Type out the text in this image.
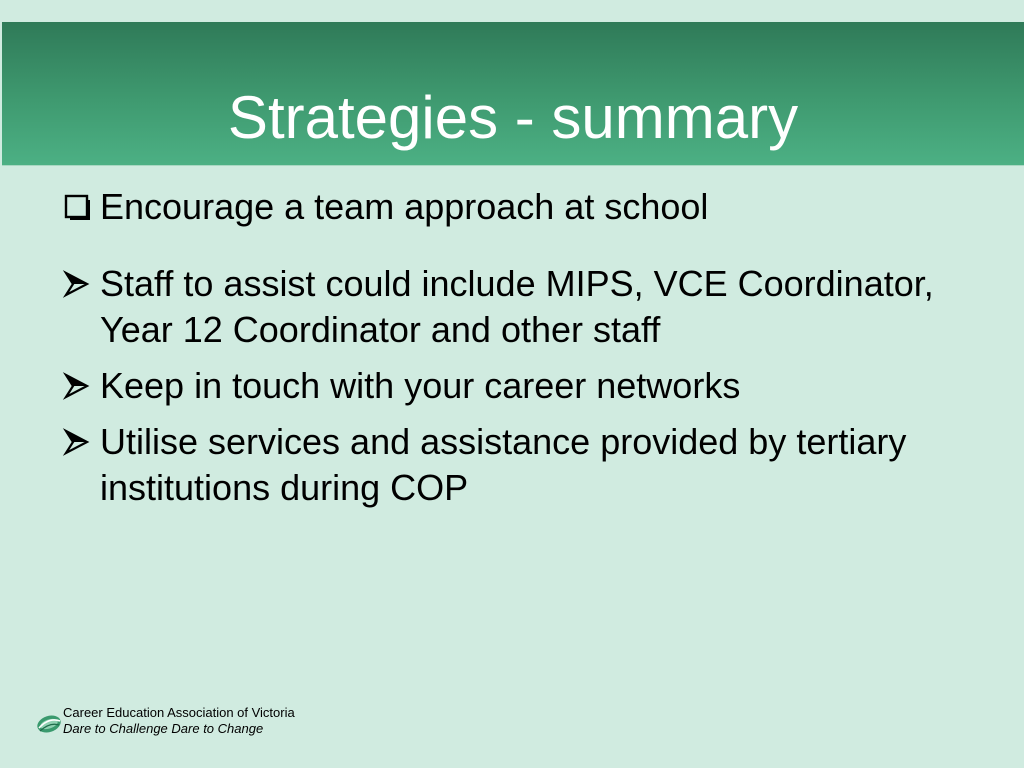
Strategies - summary
Encourage a team approach at school
Staff to assist could include MIPS, VCE Coordinator, Year 12 Coordinator and other staff
Keep in touch with your career networks
Utilise services and assistance provided by tertiary institutions during COP
Career Education Association of Victoria
Dare to Challenge Dare to Change
